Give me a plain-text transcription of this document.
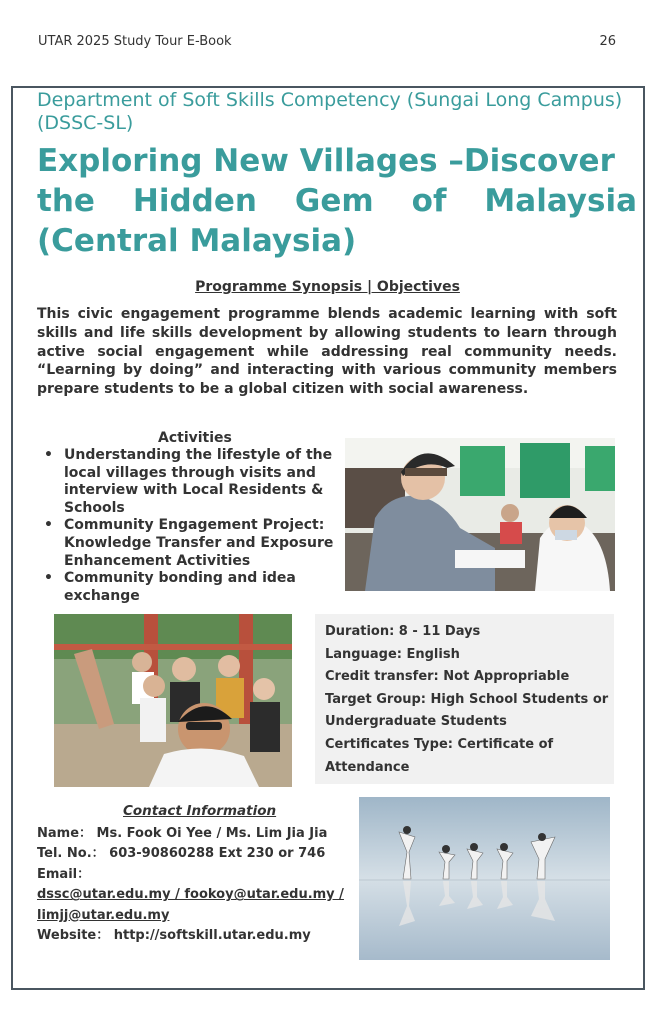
UTAR 2025 Study Tour E-Book	26
Department of Soft Skills Competency (Sungai Long Campus) (DSSC-SL)
Exploring New Villages –Discover
the Hidden Gem of Malaysia
(Central Malaysia)
Programme Synopsis | Objectives

This civic engagement programme blends academic learning with soft skills and life skills development by allowing students to learn through active social engagement while addressing real community needs. “Learning by doing” and interacting with various community members prepare students to be a global citizen with social awareness.

Activities
• Understanding the lifestyle of the local villages through visits and interview with Local Residents & Schools
• Community Engagement Project: Knowledge Transfer and Exposure Enhancement Activities
• Community bonding and idea exchange
Duration: 8 - 11 Days
Language: English
Credit transfer: Not Appropriable
Target Group: High School Students or
Undergraduate Students
Certificates Type: Certificate of
Attendance
Contact Information
Name： Ms. Fook Oi Yee / Ms. Lim Jia Jia
Tel. No.： 603-90860288 Ext 230 or 746
Email：
dssc@utar.edu.my / fookoy@utar.edu.my /
limjj@utar.edu.my
Website： http://softskill.utar.edu.my
